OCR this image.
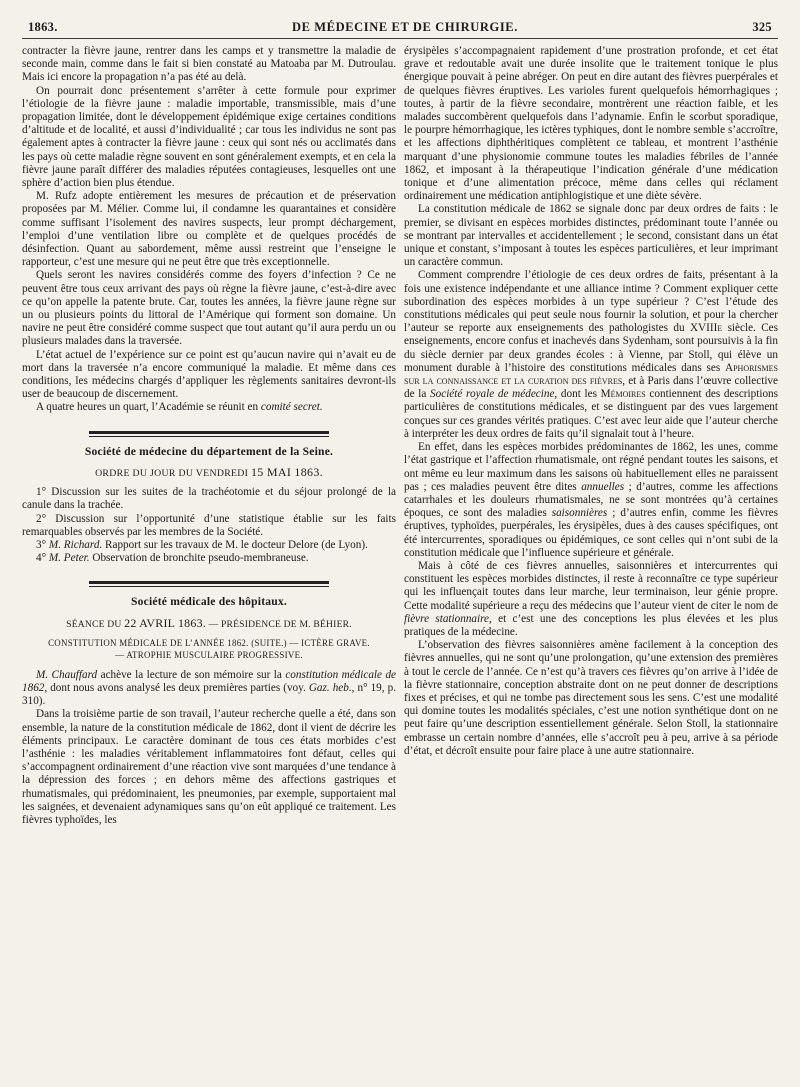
1863.	DE MÉDECINE ET DE CHIRURGIE.	325

contracter la fièvre jaune, rentrer dans les camps et y transmettre la maladie de seconde main, comme dans le fait si bien constaté au Matoaba par M. Dutroulau. Mais ici encore la propagation n’a pas été au delà.

On pourrait donc présentement s’arrêter à cette formule pour exprimer l’étiologie de la fièvre jaune : maladie importable, transmissible, mais d’une propagation limitée, dont le développement épidémique exige certaines conditions d’altitude et de localité, et aussi d’individualité ; car tous les individus ne sont pas également aptes à contracter la fièvre jaune : ceux qui sont nés ou acclimatés dans les pays où cette maladie règne souvent en sont généralement exempts, et en cela la fièvre jaune paraît différer des maladies réputées contagieuses, lesquelles ont une sphère d’action bien plus étendue.

M. Rufz adopte entièrement les mesures de précaution et de préservation proposées par M. Mélier. Comme lui, il condamne les quarantaines et considère comme suffisant l’isolement des navires suspects, leur prompt déchargement, l’emploi d’une ventilation libre ou complète et de quelques procédés de désinfection. Quant au sabordement, même aussi restreint que l’enseigne le rapporteur, c’est une mesure qui ne peut être que très exceptionnelle.

Quels seront les navires considérés comme des foyers d’infection ? Ce ne peuvent être tous ceux arrivant des pays où règne la fièvre jaune, c’est-à-dire avec ce qu’on appelle la patente brute. Car, toutes les années, la fièvre jaune règne sur un ou plusieurs points du littoral de l’Amérique qui forment son domaine. Un navire ne peut être considéré comme suspect que tout autant qu’il aura perdu un ou plusieurs malades dans la traversée.

L’état actuel de l’expérience sur ce point est qu’aucun navire qui n’avait eu de mort dans la traversée n’a encore communiqué la maladie. Et même dans ces conditions, les médecins chargés d’appliquer les règlements sanitaires devront-ils user de beaucoup de discernement.

A quatre heures un quart, l’Académie se réunit en comité secret.

Société de médecine du département de la Seine.
ORDRE DU JOUR DU VENDREDI 15 MAI 1863.

1° Discussion sur les suites de la trachéotomie et du séjour prolongé de la canule dans la trachée.

2° Discussion sur l’opportunité d’une statistique établie sur les faits remarquables observés par les membres de la Société.

3° M. Richard. Rapport sur les travaux de M. le docteur Delore (de Lyon).

4° M. Peter. Observation de bronchite pseudo-membraneuse.

Société médicale des hôpitaux.
SÉANCE DU 22 AVRIL 1863. — PRÉSIDENCE DE M. BÉHIER.
CONSTITUTION MÉDICALE DE L’ANNÉE 1862. (SUITE.) — ICTÈRE GRAVE.
— ATROPHIE MUSCULAIRE PROGRESSIVE.

M. Chauffard achève la lecture de son mémoire sur la constitution médicale de 1862, dont nous avons analysé les deux premières parties (voy. Gaz. heb., n° 19, p. 310).

Dans la troisième partie de son travail, l’auteur recherche quelle a été, dans son ensemble, la nature de la constitution médicale de 1862, dont il vient de décrire les éléments principaux. Le caractère dominant de tous ces états morbides c’est l’asthénie : les maladies véritablement inflammatoires font défaut, celles qui s’accompagnent ordinairement d’une réaction vive sont marquées d’une tendance à la dépression des forces ; en dehors même des affections gastriques et rhumatismales, qui prédominaient, les pneumonies, par exemple, supportaient mal les saignées, et devenaient adynamiques sans qu’on eût appliqué ce traitement. Les fièvres typhoïdes, les

érysipèles s’accompagnaient rapidement d’une prostration profonde, et cet état grave et redoutable avait une durée insolite que le traitement tonique le plus énergique pouvait à peine abréger. On peut en dire autant des fièvres puerpérales et de quelques fièvres éruptives. Les varioles furent quelquefois hémorrhagiques ; toutes, à partir de la fièvre secondaire, montrèrent une réaction faible, et les malades succombèrent quelquefois dans l’adynamie. Enfin le scorbut sporadique, le pourpre hémorrhagique, les ictères typhiques, dont le nombre semble s’accroître, et les affections diphthéritiques complètent ce tableau, et montrent l’asthénie marquant d’une physionomie commune toutes les maladies fébriles de l’année 1862, et imposant à la thérapeutique l’indication générale d’une médication tonique et d’une alimentation précoce, même dans celles qui réclament ordinairement une médication antiphlogistique et une diète sévère.

La constitution médicale de 1862 se signale donc par deux ordres de faits : le premier, se divisant en espèces morbides distinctes, prédominant toute l’année ou se montrant par intervalles et accidentellement ; le second, consistant dans un état unique et constant, s’imposant à toutes les espèces particulières, et leur imprimant un caractère commun.

Comment comprendre l’étiologie de ces deux ordres de faits, présentant à la fois une existence indépendante et une alliance intime ? Comment expliquer cette subordination des espèces morbides à un type supérieur ? C’est l’étude des constitutions médicales qui peut seule nous fournir la solution, et pour la chercher l’auteur se reporte aux enseignements des pathologistes du XVIIIe siècle. Ces enseignements, encore confus et inachevés dans Sydenham, sont poursuivis à la fin du siècle dernier par deux grandes écoles : à Vienne, par Stoll, qui élève un monument durable à l’histoire des constitutions médicales dans ses Aphorismes sur la connaissance et la curation des fièvres, et à Paris dans l’œuvre collective de la Société royale de médecine, dont les Mémoires contiennent des descriptions particulières de constitutions médicales, et se distinguent par des vues largement conçues sur ces grandes vérités pratiques. C’est avec leur aide que l’auteur cherche à interpréter les deux ordres de faits qu’il signalait tout à l’heure.

En effet, dans les espèces morbides prédominantes de 1862, les unes, comme l’état gastrique et l’affection rhumatismale, ont régné pendant toutes les saisons, et ont même eu leur maximum dans les saisons où habituellement elles ne paraissent pas ; ces maladies peuvent être dites annuelles ; d’autres, comme les affections catarrhales et les douleurs rhumatismales, ne se sont montrées qu’à certaines époques, ce sont des maladies saisonnières ; d’autres enfin, comme les fièvres éruptives, typhoïdes, puerpérales, les érysipèles, dues à des causes spécifiques, ont été intercurrentes, sporadiques ou épidémiques, ce sont celles qui n’ont subi de la constitution médicale que l’influence supérieure et générale.

Mais à côté de ces fièvres annuelles, saisonnières et intercurrentes qui constituent les espèces morbides distinctes, il reste à reconnaître ce type supérieur qui les influençait toutes dans leur marche, leur terminaison, leur génie propre. Cette modalité supérieure a reçu des médecins que l’auteur vient de citer le nom de fièvre stationnaire, et c’est une des conceptions les plus élevées et les plus pratiques de la médecine.

L’observation des fièvres saisonnières amène facilement à la conception des fièvres annuelles, qui ne sont qu’une prolongation, qu’une extension des premières à tout le cercle de l’année. Ce n’est qu’à travers ces fièvres qu’on arrive à l’idée de la fièvre stationnaire, conception abstraite dont on ne peut donner de descriptions fixes et précises, et qui ne tombe pas directement sous les sens. C’est une modalité qui domine toutes les modalités spéciales, c’est une notion synthétique dont on ne peut faire qu’une description essentiellement générale. Selon Stoll, la stationnaire embrasse un certain nombre d’années, elle s’accroît peu à peu, arrive à sa période d’état, et décroît ensuite pour faire place à une autre stationnaire.
